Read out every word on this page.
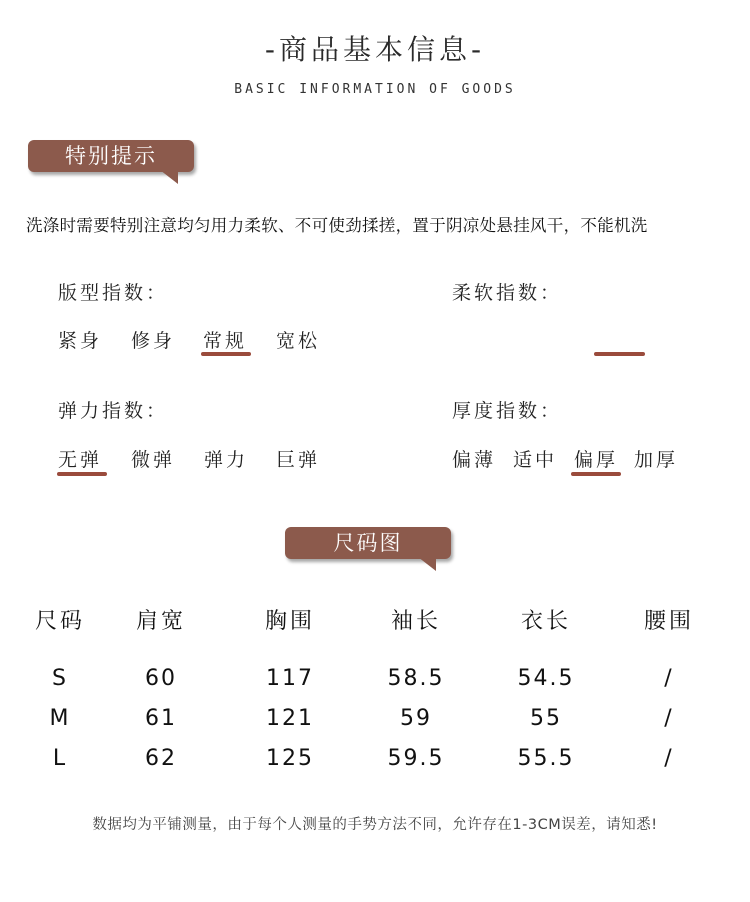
-商品基本信息-
BASIC INFORMATION OF GOODS
特别提示
洗涤时需要特别注意均匀用力柔软、不可使劲揉搓，置于阴凉处悬挂风干，不能机洗
版型指数：
紧身 修身 常规 宽松
柔软指数：
弹力指数：
无弹 微弹 弹力 巨弹
厚度指数：
偏薄 适中 偏厚 加厚
尺码图
尺码	肩宽	胸围	袖长	衣长	腰围
S	60	117	58.5	54.5	/
M	61	121	59	55	/
L	62	125	59.5	55.5	/
数据均为平铺测量，由于每个人测量的手势方法不同，允许存在1-3CM误差，请知悉!
